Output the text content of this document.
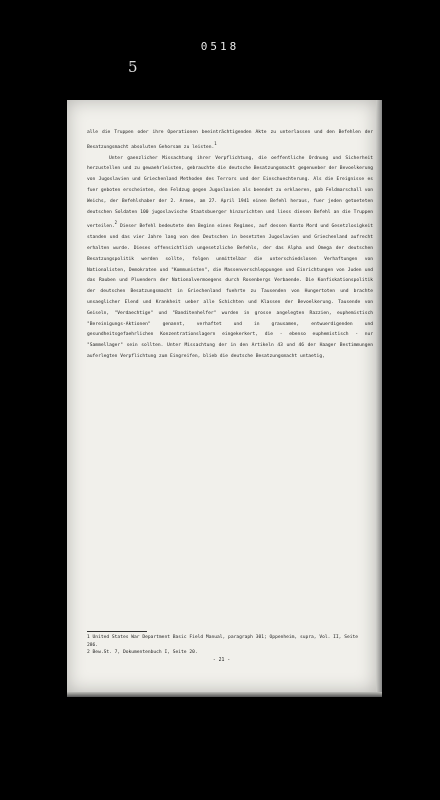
0518
5

alle die Truppen oder ihre Operationen beeinträchtigenden Akte zu unterlassen und den Befehlen der Besatzungsmacht absoluten Gehorsam zu leisten.$^1$

Unter gaenzlicher Missachtung ihrer Verpflichtung, die oeffentliche Ordnung und Sicherheit herzustellen und zu gewaehrleisten, gebrauchte die deutsche Besatzungsmacht gegenueber der Bevoelkerung von Jugoslavien und Griechenland Methoden des Terrors und der Einschuechterung. Als die Ereignisse es fuer geboten erscheinten, den Feldzug gegen Jugoslavien als beendet zu erklaeren, gab Feldmarschall von Weichs, der Befehlshaber der 2. Armee, am 27. April 1941 einen Befehl heraus, fuer jeden getoeteten deutschen Soldaten 100 jugoslavische Staatsbuerger hinzurichten und liess diesen Befehl an die Truppen verteilen.$^2$ Dieser Befehl bedeutete den Beginn eines Regimes, auf dessen Konto Mord und Gesetzlosigkeit standen und das vier Jahre lang von den Deutschen in besetzten Jugoslavien und Griechenland aufrecht erhalten wurde. Dieses offensichtlich ungesetzliche Befehls, der das Alpha und Omega der deutschen Besatzungspolitik werden sollte, folgen unmittelbar die unterschiedslosen Verhaftungen von Nationalisten, Demokraten und "Kommunisten", die Massenverschleppungen und Einrichtungen von Juden und das Rauben und Pluendern der Nationalvermoegens durch Rosenbergs Verbaende. Die Konfiskationspolitik der deutschen Besatzungsmacht in Griechenland fuehrte zu Tausenden von Hungertoten und brachte unsaeglicher Elend und Krankheit ueber alle Schichten und Klassen der Bevoelkerung. Tausende von Geiseln, "Verdaechtige" und "Banditenhelfer" wurden in grosse angelegten Razzien, euphemistisch "Bereinigungs-Aktionen" genannt, verhaftet und in grausamen, entwuerdigenden und gesundheitsgefaehrlichen Konzentrationslagern eingekerkert, die - ebenso euphemistisch - nur "Sammellager" sein sollten. Unter Missachtung der in den Artikeln 43 und 46 der Haager Bestimmungen auferlegten Verpflichtung zum Eingreifen, blieb die deutsche Besatzungsmacht untaetig,

1 United States War Department Basic Field Manual, paragraph 301; Oppenheim, supra, Vol. II, Seite 286.
2 Bew.St. 7, Dokumentenbuch I, Seite 20.
- 21 -
